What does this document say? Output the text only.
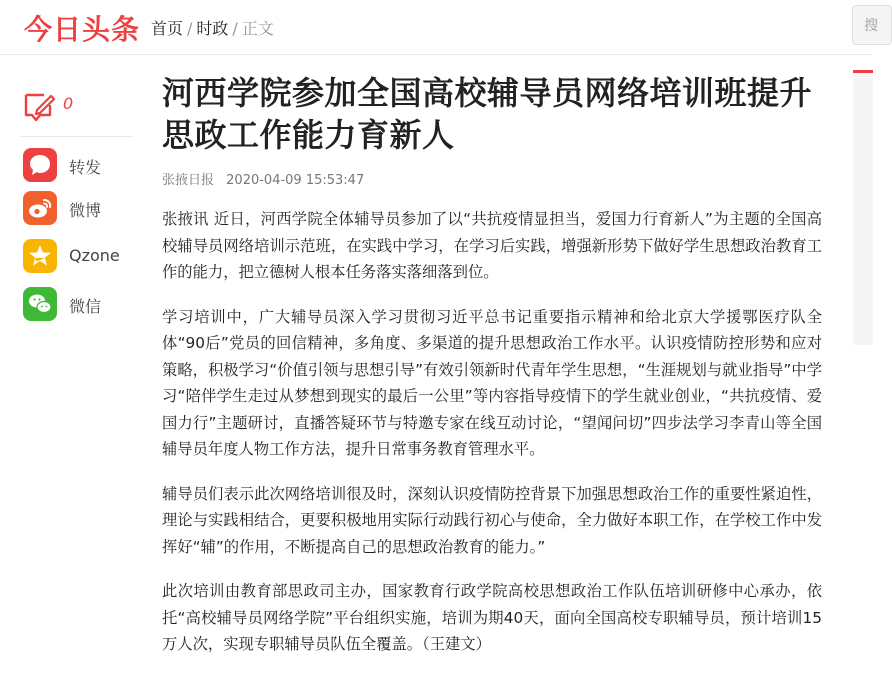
今日头条 首页 / 时政 / 正文	搜
0
转发
微博
Qzone
微信
河西学院参加全国高校辅导员网络培训班提升思政工作能力育新人
张掖日报 2020-04-09 15:53:47

张掖讯 近日，河西学院全体辅导员参加了以“共抗疫情显担当，爱国力行育新人”为主题的全国高校辅导员网络培训示范班，在实践中学习，在学习后实践，增强新形势下做好学生思想政治教育工作的能力，把立德树人根本任务落实落细落到位。

学习培训中，广大辅导员深入学习贯彻习近平总书记重要指示精神和给北京大学援鄂医疗队全体“90后”党员的回信精神，多角度、多渠道的提升思想政治工作水平。认识疫情防控形势和应对策略，积极学习“价值引领与思想引导”有效引领新时代青年学生思想，“生涯规划与就业指导”中学习“陪伴学生走过从梦想到现实的最后一公里”等内容指导疫情下的学生就业创业，“共抗疫情、爱国力行”主题研讨，直播答疑环节与特邀专家在线互动讨论，“望闻问切”四步法学习李青山等全国辅导员年度人物工作方法，提升日常事务教育管理水平。

辅导员们表示此次网络培训很及时，深刻认识疫情防控背景下加强思想政治工作的重要性紧迫性，理论与实践相结合，更要积极地用实际行动践行初心与使命，全力做好本职工作，在学校工作中发挥好“辅”的作用，不断提高自己的思想政治教育的能力。”

此次培训由教育部思政司主办，国家教育行政学院高校思想政治工作队伍培训研修中心承办，依托“高校辅导员网络学院”平台组织实施，培训为期40天，面向全国高校专职辅导员，预计培训15万人次，实现专职辅导员队伍全覆盖。（王建文）
